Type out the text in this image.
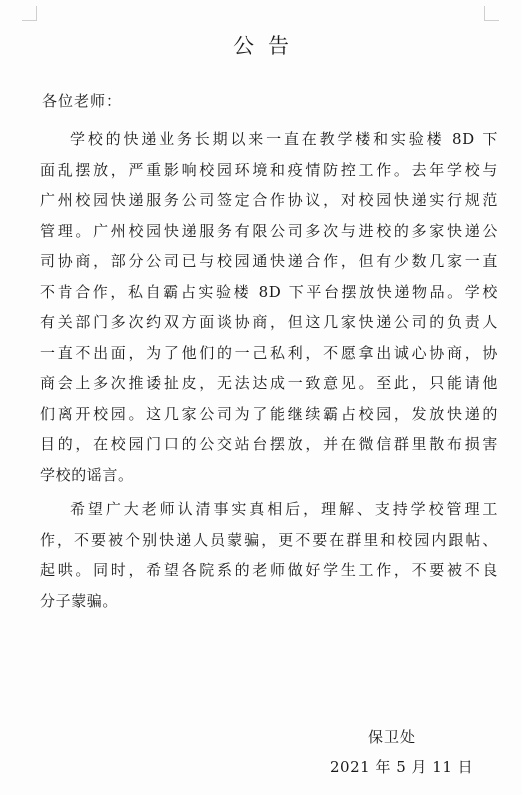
公告
各位老师：
学校的快递业务长期以来一直在教学楼和实验楼 8D 下
面乱摆放，严重影响校园环境和疫情防控工作。去年学校与
广州校园快递服务公司签定合作协议，对校园快递实行规范
管理。广州校园快递服务有限公司多次与进校的多家快递公
司协商，部分公司已与校园通快递合作，但有少数几家一直
不肯合作，私自霸占实验楼 8D 下平台摆放快递物品。学校
有关部门多次约双方面谈协商，但这几家快递公司的负责人
一直不出面，为了他们的一己私利，不愿拿出诚心协商，协
商会上多次推诿扯皮，无法达成一致意见。至此，只能请他
们离开校园。这几家公司为了能继续霸占校园，发放快递的
目的，在校园门口的公交站台摆放，并在微信群里散布损害
学校的谣言。
希望广大老师认清事实真相后，理解、支持学校管理工
作，不要被个别快递人员蒙骗，更不要在群里和校园内跟帖、
起哄。同时，希望各院系的老师做好学生工作，不要被不良
分子蒙骗。
保卫处
2021 年 5 月 11 日
